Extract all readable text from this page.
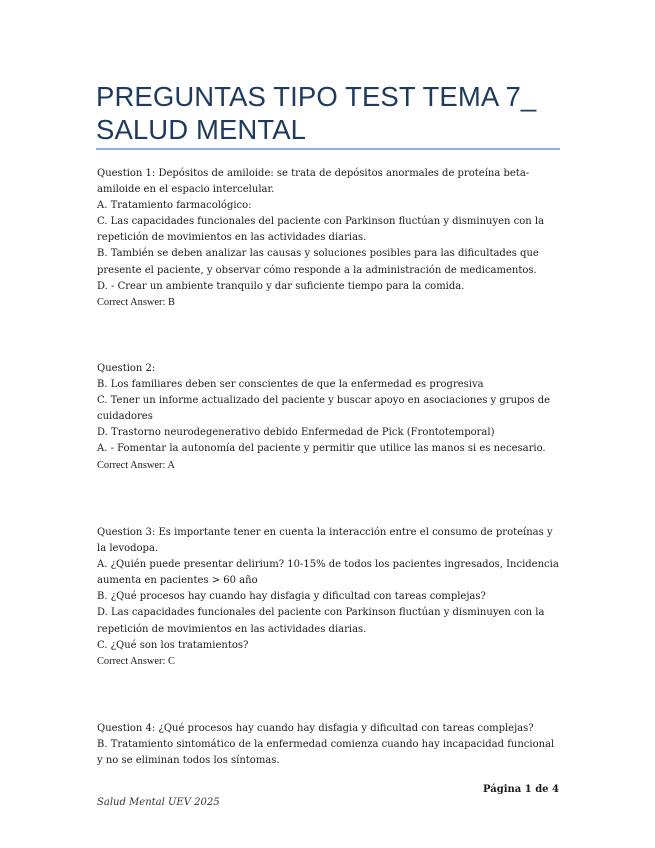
PREGUNTAS TIPO TEST TEMA 7_ SALUD MENTAL

Question 1: Depósitos de amiloide: se trata de depósitos anormales de proteína beta-amiloide en el espacio intercelular.

A. Tratamiento farmacológico:

C. Las capacidades funcionales del paciente con Parkinson fluctúan y disminuyen con la repetición de movimientos en las actividades diarias.

B. También se deben analizar las causas y soluciones posibles para las dificultades que presente el paciente, y observar cómo responde a la administración de medicamentos.

D. - Crear un ambiente tranquilo y dar suficiente tiempo para la comida.

Correct Answer: B

Question 2:

B. Los familiares deben ser conscientes de que la enfermedad es progresiva

C. Tener un informe actualizado del paciente y buscar apoyo en asociaciones y grupos de cuidadores

D. Trastorno neurodegenerativo debido Enfermedad de Pick (Frontotemporal)

A. - Fomentar la autonomía del paciente y permitir que utilice las manos si es necesario.

Correct Answer: A

Question 3: Es importante tener en cuenta la interacción entre el consumo de proteínas y la levodopa.

A. ¿Quién puede presentar delirium? 10-15% de todos los pacientes ingresados, Incidencia aumenta en pacientes > 60 año

B. ¿Qué procesos hay cuando hay disfagia y dificultad con tareas complejas?

D. Las capacidades funcionales del paciente con Parkinson fluctúan y disminuyen con la repetición de movimientos en las actividades diarias.

C. ¿Qué son los tratamientos?

Correct Answer: C

Question 4: ¿Qué procesos hay cuando hay disfagia y dificultad con tareas complejas?

B. Tratamiento sintomático de la enfermedad comienza cuando hay incapacidad funcional y no se eliminan todos los síntomas.

Página 1 de 4
Salud Mental UEV 2025
